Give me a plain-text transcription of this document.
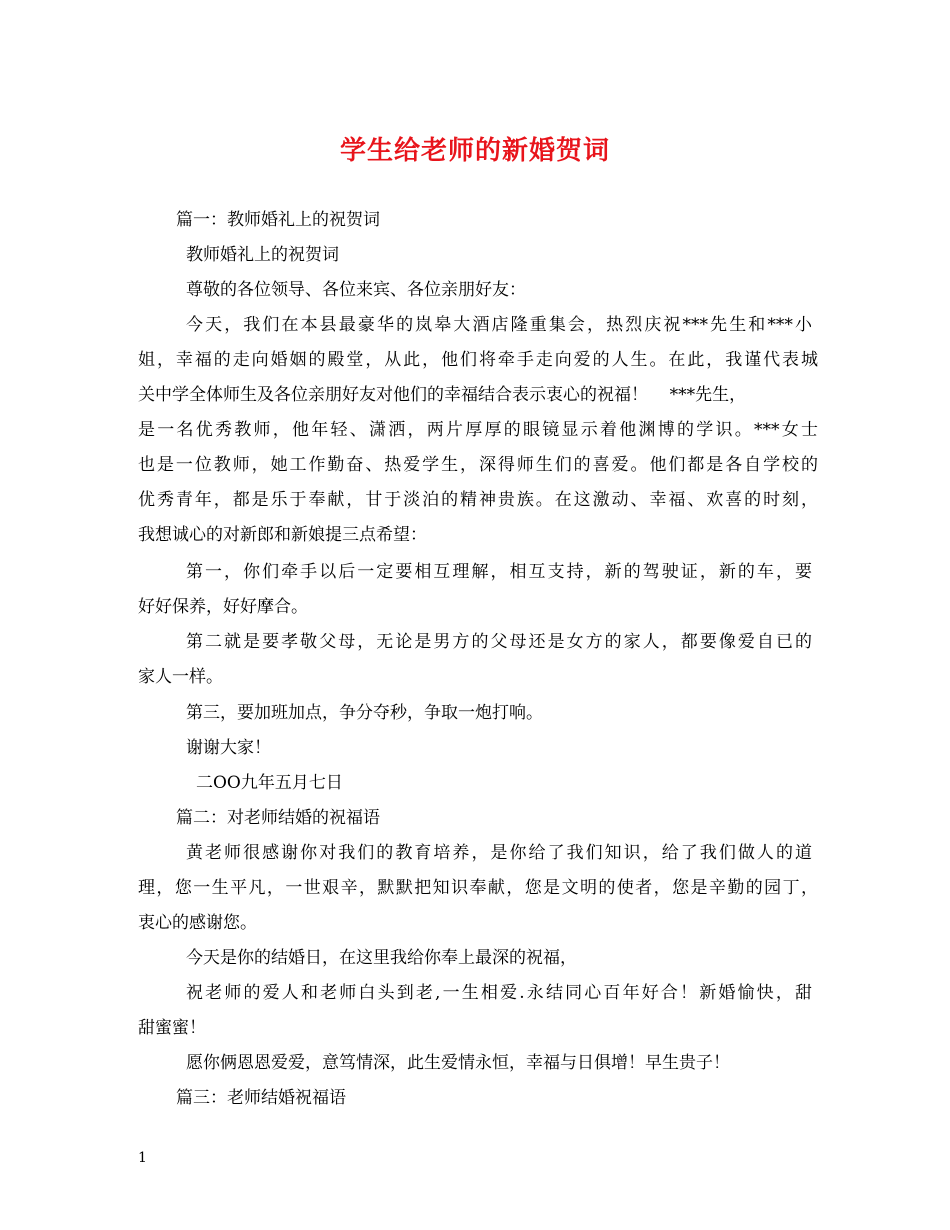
学生给老师的新婚贺词
篇一：教师婚礼上的祝贺词
教师婚礼上的祝贺词
尊敬的各位领导、各位来宾、各位亲朋好友：
今天，我们在本县最豪华的岚皋大酒店隆重集会，热烈庆祝***先生和***小
姐，幸福的走向婚姻的殿堂，从此，他们将牵手走向爱的人生。在此，我谨代表城
关中学全体师生及各位亲朋好友对他们的幸福结合表示衷心的祝福！    ***先生，
是一名优秀教师，他年轻、潇洒，两片厚厚的眼镜显示着他渊博的学识。***女士
也是一位教师，她工作勤奋、热爱学生，深得师生们的喜爱。他们都是各自学校的
优秀青年，都是乐于奉献，甘于淡泊的精神贵族。在这激动、幸福、欢喜的时刻，
我想诚心的对新郎和新娘提三点希望：
第一，你们牵手以后一定要相互理解，相互支持，新的驾驶证，新的车，要
好好保养，好好摩合。
第二就是要孝敬父母，无论是男方的父母还是女方的家人，都要像爱自已的
家人一样。
第三，要加班加点，争分夺秒，争取一炮打响。
谢谢大家！
二OO九年五月七日
篇二：对老师结婚的祝福语
黄老师很感谢你对我们的教育培养，是你给了我们知识，给了我们做人的道
理，您一生平凡，一世艰辛，默默把知识奉献，您是文明的使者，您是辛勤的园丁，
衷心的感谢您。
今天是你的结婚日，在这里我给你奉上最深的祝福，
祝老师的爱人和老师白头到老,一生相爱.永结同心百年好合！新婚愉快，甜
甜蜜蜜！
愿你俩恩恩爱爱，意笃情深，此生爱情永恒，幸福与日俱增！早生贵子！
篇三：老师结婚祝福语
1
